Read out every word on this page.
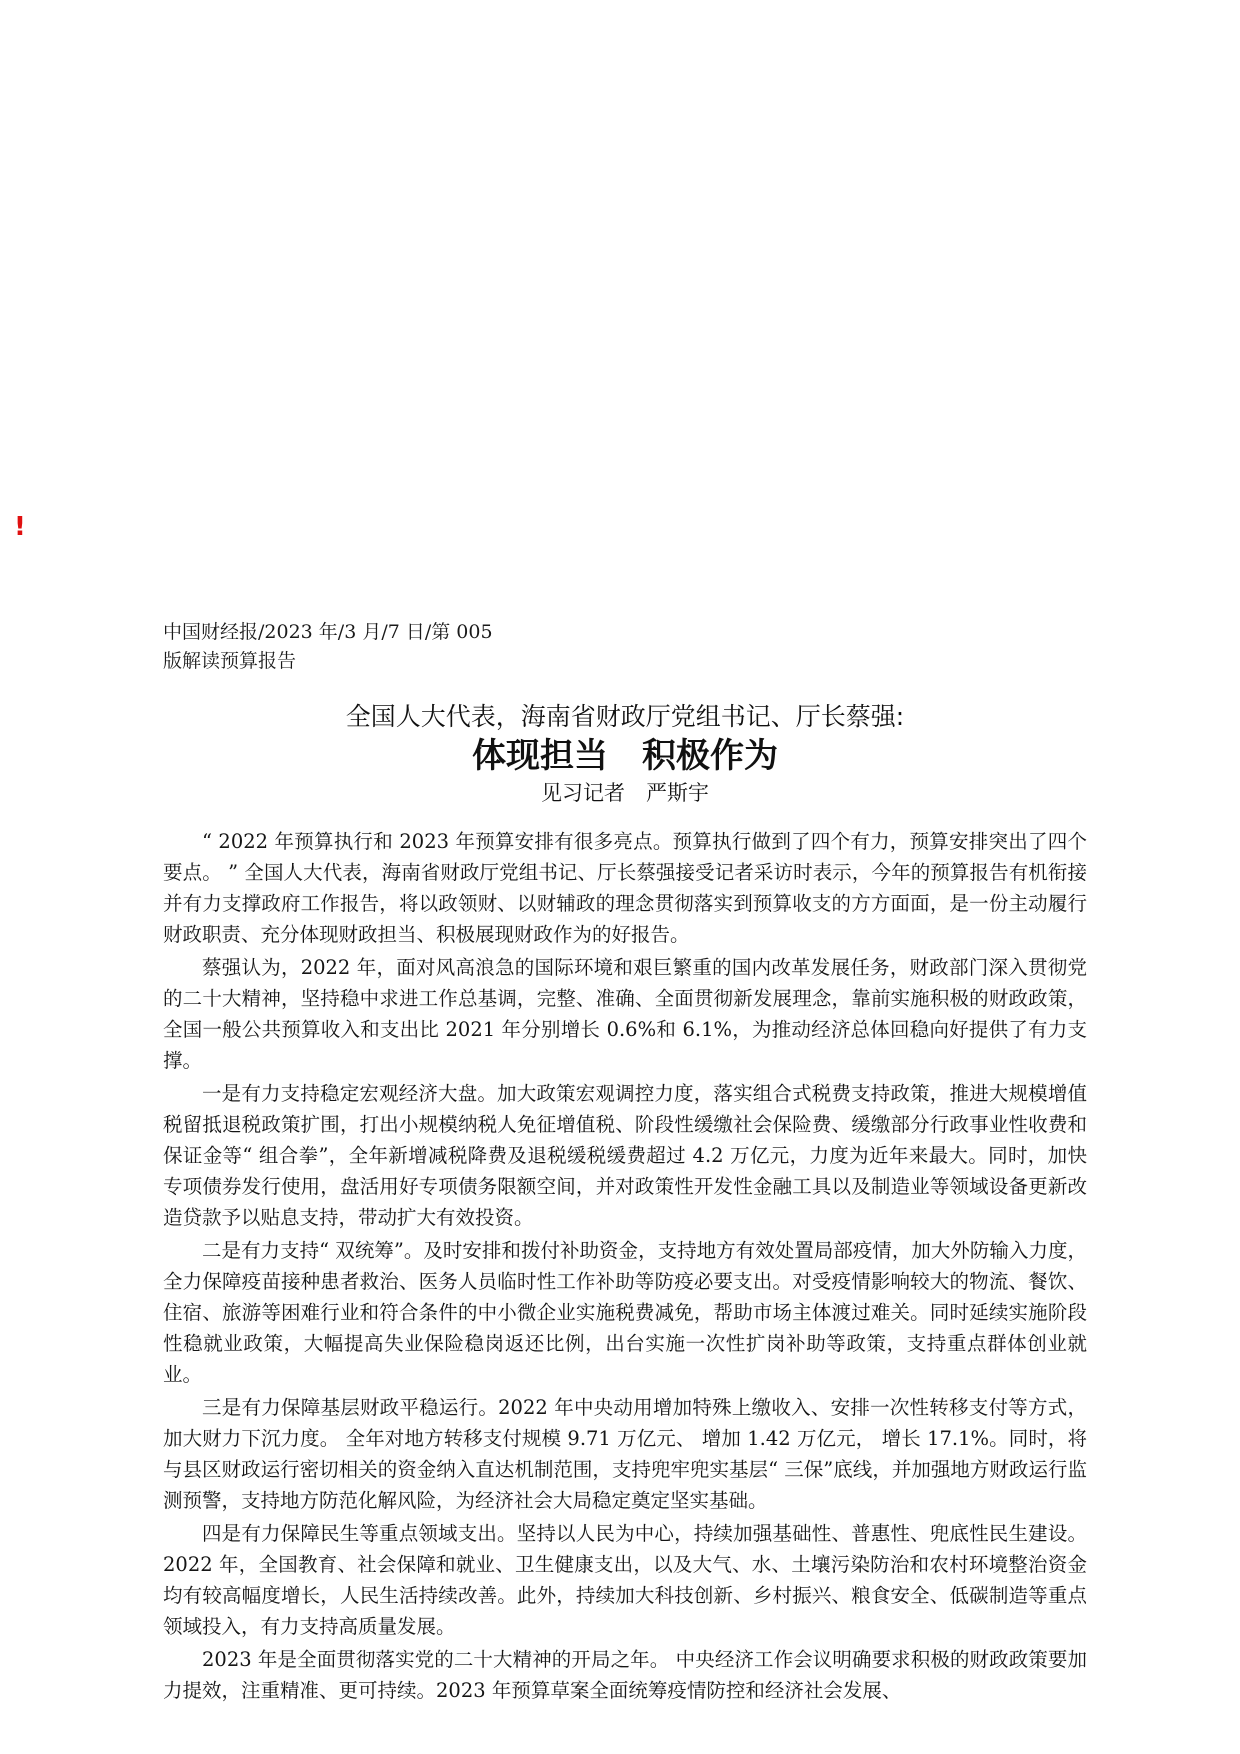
!
中国财经报/2023 年/3 月/7 日/第 005
版解读预算报告

全国人大代表，海南省财政厅党组书记、厅长蔡强:

体现担当　积极作为

见习记者　严斯宇

“ 2022 年预算执行和 2023 年预算安排有很多亮点。预算执行做到了四个有力，预算安排突出了四个要点。 ” 全国人大代表，海南省财政厅党组书记、厅长蔡强接受记者采访时表示，今年的预算报告有机衔接并有力支撑政府工作报告，将以政领财、以财辅政的理念贯彻落实到预算收支的方方面面，是一份主动履行财政职责、充分体现财政担当、积极展现财政作为的好报告。

蔡强认为，2022 年，面对风高浪急的国际环境和艰巨繁重的国内改革发展任务，财政部门深入贯彻党的二十大精神，坚持稳中求进工作总基调，完整、准确、全面贯彻新发展理念，靠前实施积极的财政政策，全国一般公共预算收入和支出比 2021 年分别增长 0.6%和 6.1%，为推动经济总体回稳向好提供了有力支撑。

一是有力支持稳定宏观经济大盘。加大政策宏观调控力度，落实组合式税费支持政策，推进大规模增值税留抵退税政策扩围，打出小规模纳税人免征增值税、阶段性缓缴社会保险费、缓缴部分行政事业性收费和保证金等“ 组合拳”，全年新增减税降费及退税缓税缓费超过 4.2 万亿元，力度为近年来最大。同时，加快专项债券发行使用，盘活用好专项债务限额空间，并对政策性开发性金融工具以及制造业等领域设备更新改造贷款予以贴息支持，带动扩大有效投资。

二是有力支持“ 双统筹”。及时安排和拨付补助资金，支持地方有效处置局部疫情，加大外防输入力度，全力保障疫苗接种患者救治、医务人员临时性工作补助等防疫必要支出。对受疫情影响较大的物流、餐饮、住宿、旅游等困难行业和符合条件的中小微企业实施税费减免，帮助市场主体渡过难关。同时延续实施阶段性稳就业政策，大幅提高失业保险稳岗返还比例，出台实施一次性扩岗补助等政策，支持重点群体创业就业。

三是有力保障基层财政平稳运行。2022 年中央动用增加特殊上缴收入、安排一次性转移支付等方式， 加大财力下沉力度。 全年对地方转移支付规模 9.71 万亿元、 增加 1.42 万亿元， 增长 17.1%。同时，将与县区财政运行密切相关的资金纳入直达机制范围，支持兜牢兜实基层“ 三保”底线，并加强地方财政运行监测预警，支持地方防范化解风险，为经济社会大局稳定奠定坚实基础。

四是有力保障民生等重点领域支出。坚持以人民为中心，持续加强基础性、普惠性、兜底性民生建设。2022 年，全国教育、社会保障和就业、卫生健康支出，以及大气、水、土壤污染防治和农村环境整治资金均有较高幅度增长，人民生活持续改善。此外，持续加大科技创新、乡村振兴、粮食安全、低碳制造等重点领域投入，有力支持高质量发展。

2023 年是全面贯彻落实党的二十大精神的开局之年。 中央经济工作会议明确要求积极的财政政策要加力提效，注重精准、更可持续。2023 年预算草案全面统筹疫情防控和经济社会发展、
